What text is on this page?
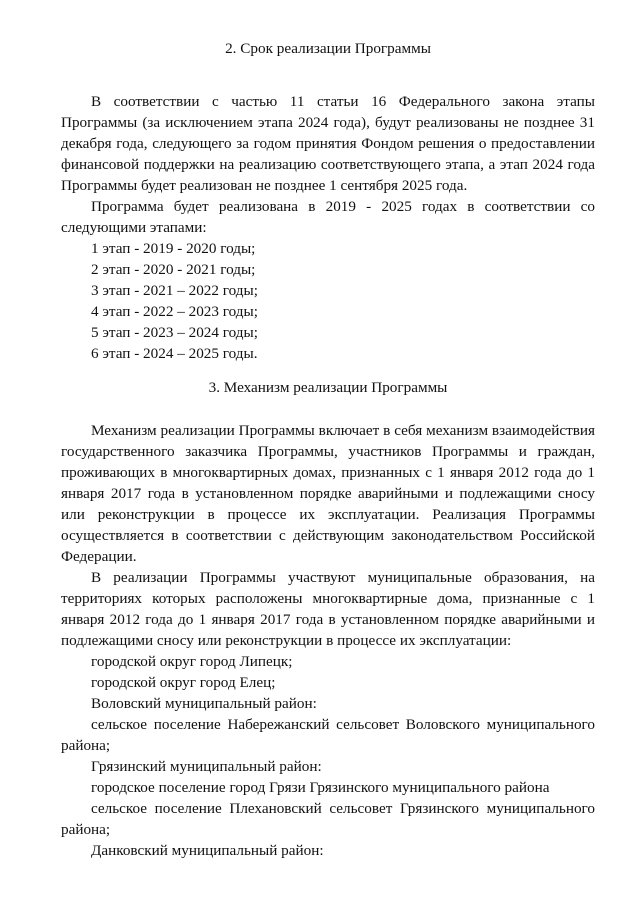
2. Срок реализации Программы

В соответствии с частью 11 статьи 16 Федерального закона этапы Программы (за исключением этапа 2024 года), будут реализованы не позднее 31 декабря года, следующего за годом принятия Фондом решения о предоставлении финансовой поддержки на реализацию соответствующего этапа, а этап 2024 года Программы будет реализован не позднее 1 сентября 2025 года.

Программа будет реализована в 2019 - 2025 годах в соответствии со следующими этапами:

1 этап - 2019 - 2020 годы;

2 этап - 2020 - 2021 годы;

3 этап - 2021 – 2022 годы;

4 этап - 2022 – 2023 годы;

5 этап - 2023 – 2024 годы;

6 этап - 2024 – 2025 годы.

3. Механизм реализации Программы

Механизм реализации Программы включает в себя механизм взаимодействия государственного заказчика Программы, участников Программы и граждан, проживающих в многоквартирных домах, признанных с 1 января 2012 года до 1 января 2017 года в установленном порядке аварийными и подлежащими сносу или реконструкции в процессе их эксплуатации. Реализация Программы осуществляется в соответствии с действующим законодательством Российской Федерации.

В реализации Программы участвуют муниципальные образования, на территориях которых расположены многоквартирные дома, признанные с 1 января 2012 года до 1 января 2017 года в установленном порядке аварийными и подлежащими сносу или реконструкции в процессе их эксплуатации:

городской округ город Липецк;

городской округ город Елец;

Воловский муниципальный район:

сельское поселение Набережанский сельсовет Воловского муниципального района;

Грязинский муниципальный район:

городское поселение город Грязи Грязинского муниципального района

сельское поселение Плехановский сельсовет Грязинского муниципального района;

Данковский муниципальный район:
